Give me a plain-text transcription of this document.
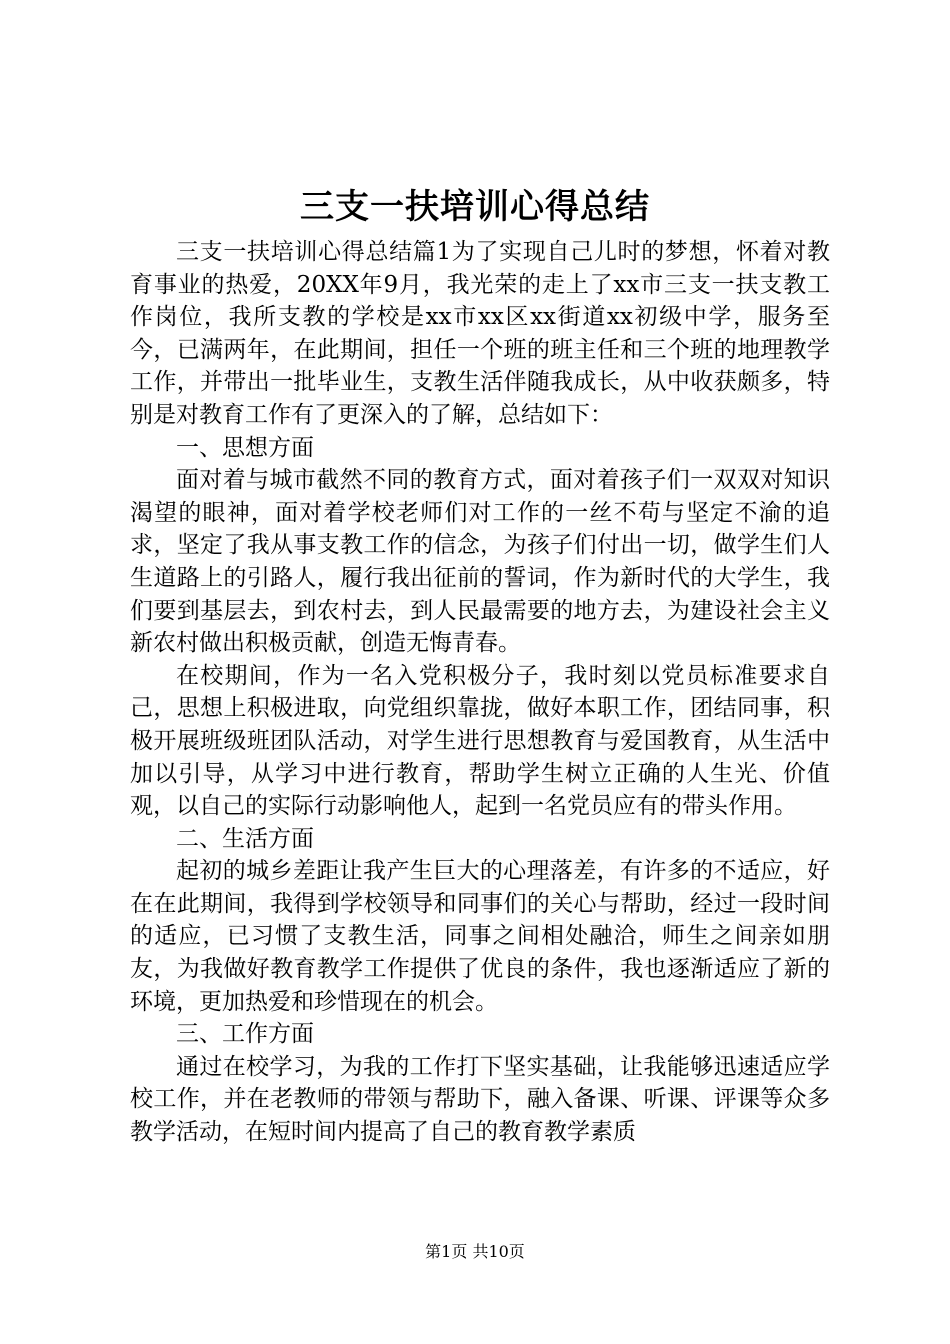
三支一扶培训心得总结

三支一扶培训心得总结篇1为了实现自己儿时的梦想，怀着对教育事业的热爱，20XX年9月，我光荣的走上了xx市三支一扶支教工作岗位，我所支教的学校是xx市xx区xx街道xx初级中学，服务至今，已满两年，在此期间，担任一个班的班主任和三个班的地理教学工作，并带出一批毕业生，支教生活伴随我成长，从中收获颇多，特别是对教育工作有了更深入的了解，总结如下：

一、思想方面

面对着与城市截然不同的教育方式，面对着孩子们一双双对知识渴望的眼神，面对着学校老师们对工作的一丝不苟与坚定不渝的追求，坚定了我从事支教工作的信念，为孩子们付出一切，做学生们人生道路上的引路人，履行我出征前的誓词，作为新时代的大学生，我们要到基层去，到农村去，到人民最需要的地方去，为建设社会主义新农村做出积极贡献，创造无悔青春。

在校期间，作为一名入党积极分子，我时刻以党员标准要求自己，思想上积极进取，向党组织靠拢，做好本职工作，团结同事，积极开展班级班团队活动，对学生进行思想教育与爱国教育，从生活中加以引导，从学习中进行教育，帮助学生树立正确的人生光、价值观，以自己的实际行动影响他人，起到一名党员应有的带头作用。

二、生活方面

起初的城乡差距让我产生巨大的心理落差，有许多的不适应，好在在此期间，我得到学校领导和同事们的关心与帮助，经过一段时间的适应，已习惯了支教生活，同事之间相处融洽，师生之间亲如朋友，为我做好教育教学工作提供了优良的条件，我也逐渐适应了新的环境，更加热爱和珍惜现在的机会。

三、工作方面

通过在校学习，为我的工作打下坚实基础，让我能够迅速适应学校工作，并在老教师的带领与帮助下，融入备课、听课、评课等众多教学活动，在短时间内提高了自己的教育教学素质

第1页 共10页
